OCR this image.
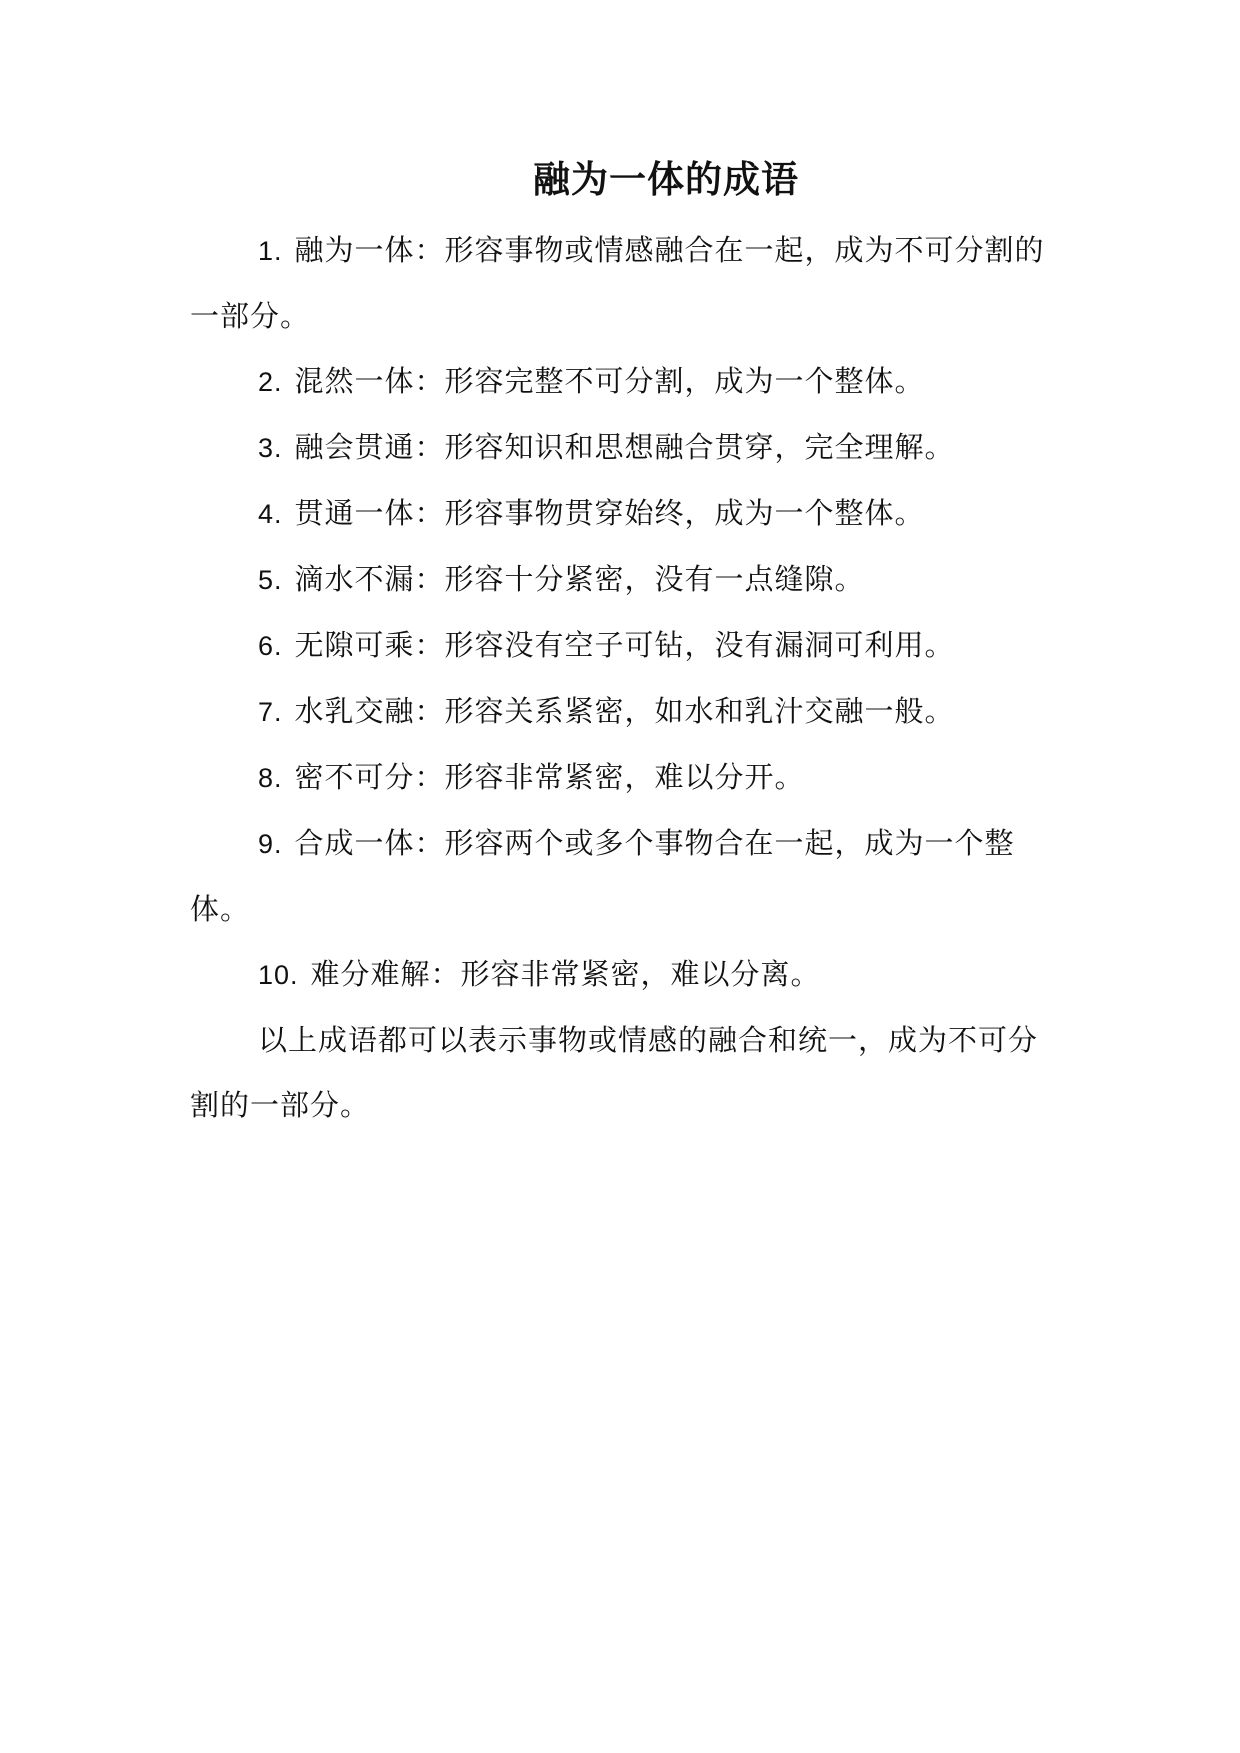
融为一体的成语

1. 融为一体：形容事物或情感融合在一起，成为不可分割的一部分。

2. 混然一体：形容完整不可分割，成为一个整体。

3. 融会贯通：形容知识和思想融合贯穿，完全理解。

4. 贯通一体：形容事物贯穿始终，成为一个整体。

5. 滴水不漏：形容十分紧密，没有一点缝隙。

6. 无隙可乘：形容没有空子可钻，没有漏洞可利用。

7. 水乳交融：形容关系紧密，如水和乳汁交融一般。

8. 密不可分：形容非常紧密，难以分开。

9. 合成一体：形容两个或多个事物合在一起，成为一个整体。

10. 难分难解：形容非常紧密，难以分离。

以上成语都可以表示事物或情感的融合和统一，成为不可分割的一部分。
